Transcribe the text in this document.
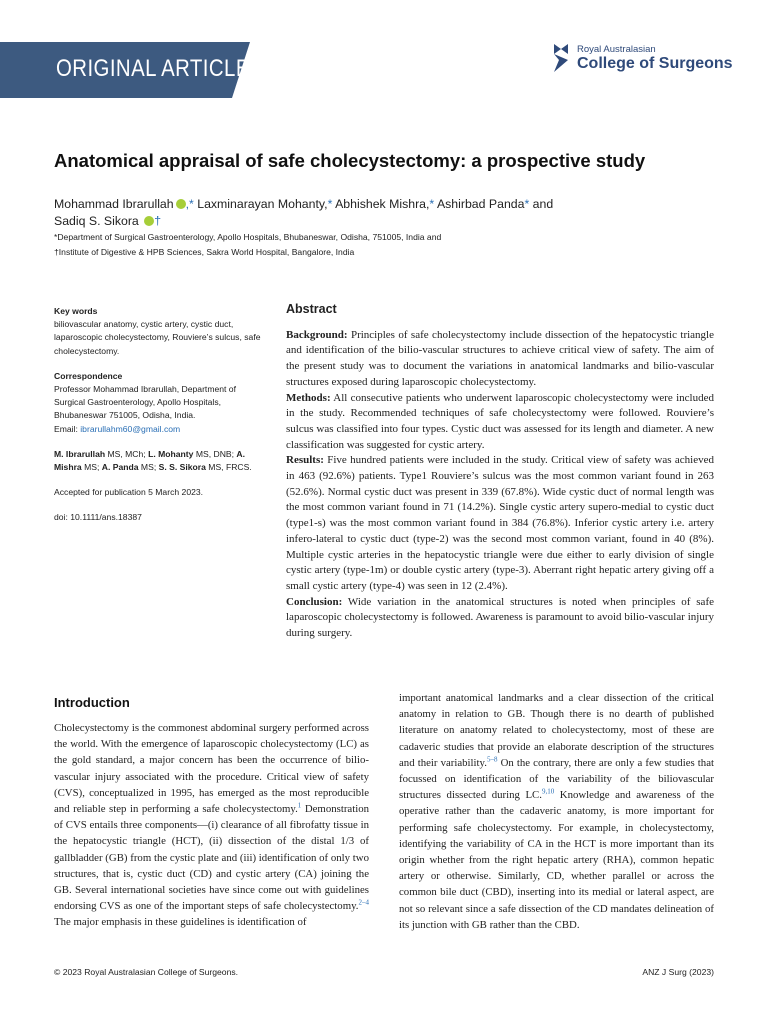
ORIGINAL ARTICLE
Royal Australasian
College of Surgeons
Anatomical appraisal of safe cholecystectomy: a prospective study
Mohammad Ibrarullah ,* Laxminarayan Mohanty,* Abhishek Mishra,* Ashirbad Panda* and
Sadiq S. Sikora †
*Department of Surgical Gastroenterology, Apollo Hospitals, Bhubaneswar, Odisha, 751005, India and
†Institute of Digestive & HPB Sciences, Sakra World Hospital, Bangalore, India

Key words

biliovascular anatomy, cystic artery, cystic duct, laparoscopic cholecystectomy, Rouviere’s sulcus, safe cholecystectomy.

Correspondence

Professor Mohammad Ibrarullah, Department of Surgical Gastroenterology, Apollo Hospitals, Bhubaneswar 751005, Odisha, India.
Email: ibrarullahm60@gmail.com
M. Ibrarullah MS, MCh; L. Mohanty MS, DNB; A. Mishra MS; A. Panda MS; S. S. Sikora MS, FRCS.
Accepted for publication 5 March 2023.
doi: 10.1111/ans.18387

Abstract

Background: Principles of safe cholecystectomy include dissection of the hepatocystic triangle and identification of the bilio-vascular structures to achieve critical view of safety. The aim of the present study was to document the variations in anatomical landmarks and bilio-vascular structures exposed during laparoscopic cholecystectomy.

Methods: All consecutive patients who underwent laparoscopic cholecystectomy were included in the study. Recommended techniques of safe cholecystectomy were followed. Rouviere’s sulcus was classified into four types. Cystic duct was assessed for its length and diameter. A new classification was suggested for cystic artery.

Results: Five hundred patients were included in the study. Critical view of safety was achieved in 463 (92.6%) patients. Type1 Rouviere’s sulcus was the most common variant found in 263 (52.6%). Normal cystic duct was present in 339 (67.8%). Wide cystic duct of normal length was the most common variant found in 71 (14.2%). Single cystic artery supero-medial to cystic duct (type1-s) was the most common variant found in 384 (76.8%). Inferior cystic artery i.e. artery infero-lateral to cystic duct (type-2) was the second most common variant, found in 40 (8%). Multiple cystic arteries in the hepatocystic triangle were due either to early division of single cystic artery (type-1m) or double cystic artery (type-3). Aberrant right hepatic artery giving off a small cystic artery (type-4) was seen in 12 (2.4%).

Conclusion: Wide variation in the anatomical structures is noted when principles of safe laparoscopic cholecystectomy is followed. Awareness is paramount to avoid bilio-vascular injury during surgery.

Introduction

Cholecystectomy is the commonest abdominal surgery performed across the world. With the emergence of laparoscopic cholecystectomy (LC) as the gold standard, a major concern has been the occurrence of bilio-vascular injury associated with the procedure. Critical view of safety (CVS), conceptualized in 1995, has emerged as the most reproducible and reliable step in performing a safe cholecystectomy.$^1$ Demonstration of CVS entails three components—(i) clearance of all fibrofatty tissue in the hepatocystic triangle (HCT), (ii) dissection of the distal 1/3 of gallbladder (GB) from the cystic plate and (iii) identification of only two structures, that is, cystic duct (CD) and cystic artery (CA) joining the GB. Several international societies have since come out with guidelines endorsing CVS as one of the important steps of safe cholecystectomy.$^{2-4}$ The major emphasis in these guidelines is identification of

important anatomical landmarks and a clear dissection of the critical anatomy in relation to GB. Though there is no dearth of published literature on anatomy related to cholecystectomy, most of these are cadaveric studies that provide an elaborate description of the structures and their variability.$^{5-8}$ On the contrary, there are only a few studies that focussed on identification of the variability of the biliovascular structures dissected during LC.$^{9,10}$ Knowledge and awareness of the operative rather than the cadaveric anatomy, is more important for performing safe cholecystectomy. For example, in cholecystectomy, identifying the variability of CA in the HCT is more important than its origin whether from the right hepatic artery (RHA), common hepatic artery or otherwise. Similarly, CD, whether parallel or across the common bile duct (CBD), inserting into its medial or lateral aspect, are not so relevant since a safe dissection of the CD mandates delineation of its junction with GB rather than the CBD.

© 2023 Royal Australasian College of Surgeons.	ANZ J Surg (2023)
